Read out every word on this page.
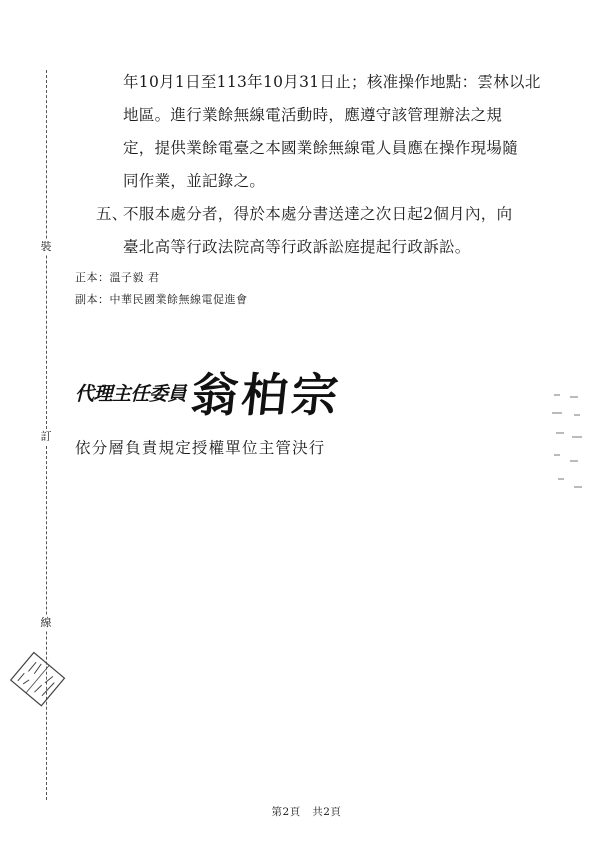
裝
訂
線

年10月1日至113年10月31日止；核准操作地點：雲林以北

地區。進行業餘無線電活動時，應遵守該管理辦法之規

定，提供業餘電臺之本國業餘無線電人員應在操作現場隨

同作業，並記錄之。

五、
不服本處分者，得於本處分書送達之次日起2個月內，向
臺北高等行政法院高等行政訴訟庭提起行政訴訟。
正本：溫子毅 君
副本：中華民國業餘無線電促進會
代理主任委員 翁柏宗
依分層負責規定授權單位主管決行
第2頁 共2頁
